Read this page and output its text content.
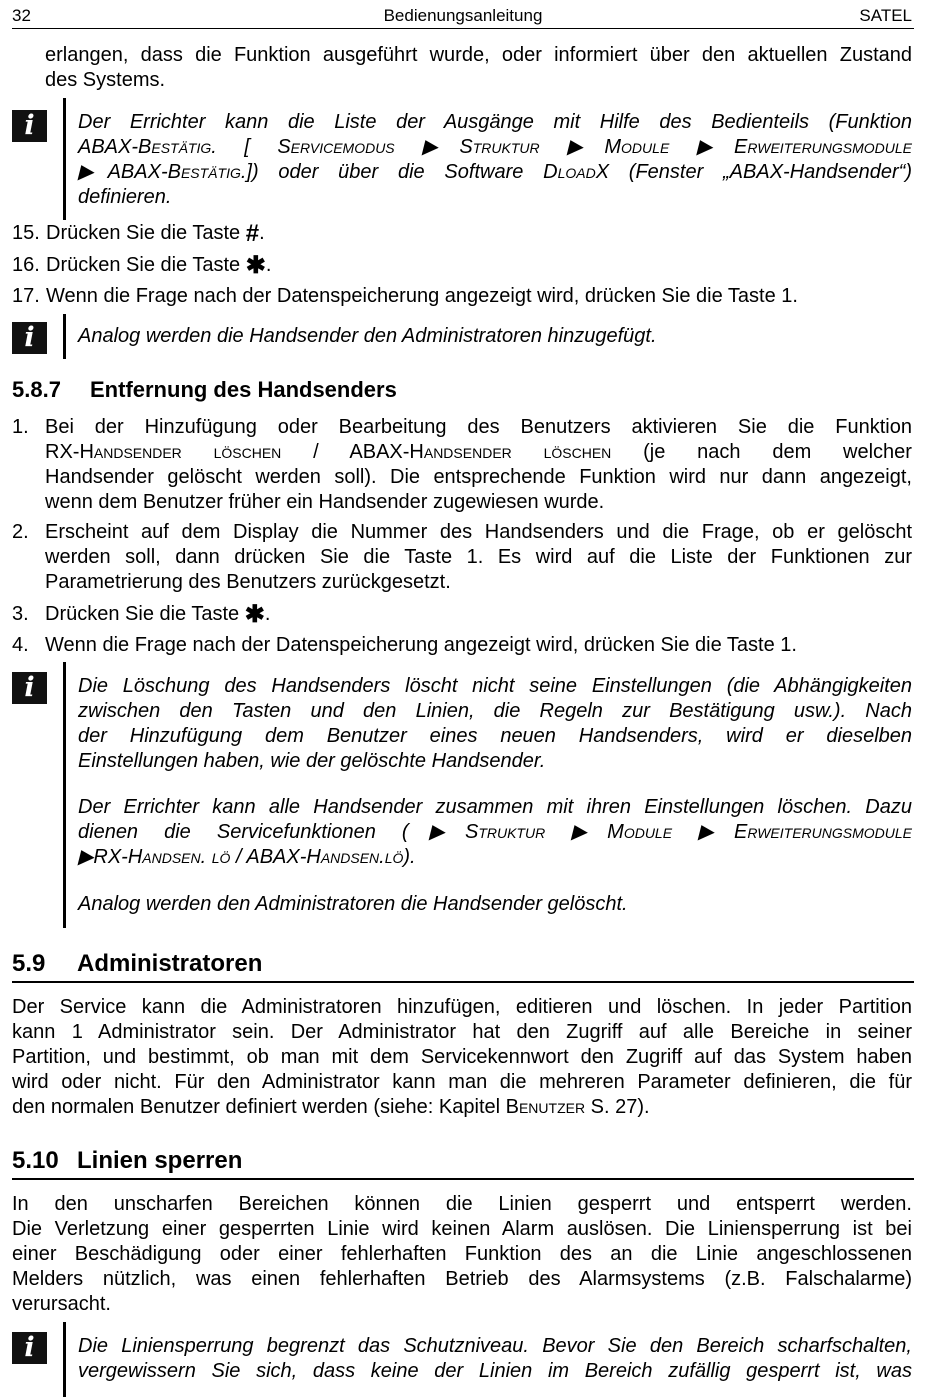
32	Bedienungsanleitung	SATEL
erlangen, dass die Funktion ausgeführt wurde, oder informiert über den aktuellen Zustand
des Systems.
i	Der Errichter kann die Liste der Ausgänge mit Hilfe des Bedienteils (Funktion
ABAX-Bestätig. [ Servicemodus ▶Struktur ▶Module ▶Erweiterungsmodule
▶ABAX-Bestätig.]) oder über die Software DloadX (Fenster „ABAX-Handsender“)
definieren.
15. Drücken Sie die Taste #.
16. Drücken Sie die Taste ✱.
17. Wenn die Frage nach der Datenspeicherung angezeigt wird, drücken Sie die Taste 1.
i	Analog werden die Handsender den Administratoren hinzugefügt.
5.8.7 Entfernung des Handsenders
1. Bei der Hinzufügung oder Bearbeitung des Benutzers aktivieren Sie die Funktion
RX-Handsender löschen / ABAX-Handsender löschen (je nach dem welcher
Handsender gelöscht werden soll). Die entsprechende Funktion wird nur dann angezeigt,
wenn dem Benutzer früher ein Handsender zugewiesen wurde.
2. Erscheint auf dem Display die Nummer des Handsenders und die Frage, ob er gelöscht
werden soll, dann drücken Sie die Taste 1. Es wird auf die Liste der Funktionen zur
Parametrierung des Benutzers zurückgesetzt.
3. Drücken Sie die Taste ✱.
4. Wenn die Frage nach der Datenspeicherung angezeigt wird, drücken Sie die Taste 1.
i	Die Löschung des Handsenders löscht nicht seine Einstellungen (die Abhängigkeiten
zwischen den Tasten und den Linien, die Regeln zur Bestätigung usw.). Nach
der Hinzufügung dem Benutzer eines neuen Handsenders, wird er dieselben
Einstellungen haben, wie der gelöschte Handsender.
Der Errichter kann alle Handsender zusammen mit ihren Einstellungen löschen. Dazu
dienen die Servicefunktionen (▶Struktur ▶Module ▶Erweiterungsmodule
▶RX-Handsen. lö / ABAX-Handsen.lö).
Analog werden den Administratoren die Handsender gelöscht.
5.9 Administratoren
Der Service kann die Administratoren hinzufügen, editieren und löschen. In jeder Partition
kann 1 Administrator sein. Der Administrator hat den Zugriff auf alle Bereiche in seiner
Partition, und bestimmt, ob man mit dem Servicekennwort den Zugriff auf das System haben
wird oder nicht. Für den Administrator kann man die mehreren Parameter definieren, die für
den normalen Benutzer definiert werden (siehe: Kapitel Benutzer S. 27).
5.10 Linien sperren
In den unscharfen Bereichen können die Linien gesperrt und entsperrt werden.
Die Verletzung einer gesperrten Linie wird keinen Alarm auslösen. Die Liniensperrung ist bei
einer Beschädigung oder einer fehlerhaften Funktion des an die Linie angeschlossenen
Melders nützlich, was einen fehlerhaften Betrieb des Alarmsystems (z.B. Falschalarme)
verursacht.
i	Die Liniensperrung begrenzt das Schutzniveau. Bevor Sie den Bereich scharfschalten,
vergewissern Sie sich, dass keine der Linien im Bereich zufällig gesperrt ist, was
